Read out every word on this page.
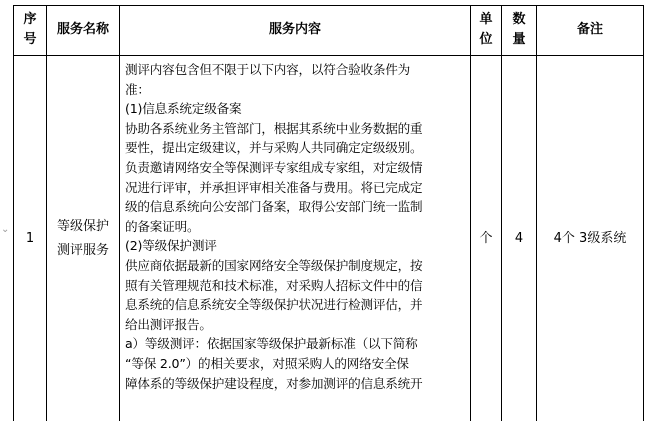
⌄
序号
服务名称	服务内容
单位
数量
备注
1
等级保护
测评服务
测评内容包含但不限于以下内容，以符合验收条件为
准：
(1)信息系统定级备案
协助各系统业务主管部门，根据其系统中业务数据的重
要性，提出定级建议，并与采购人共同确定定级级别。
负责邀请网络安全等保测评专家组成专家组，对定级情
况进行评审，并承担评审相关准备与费用。将已完成定
级的信息系统向公安部门备案，取得公安部门统一监制
的备案证明。
(2)等级保护测评
供应商依据最新的国家网络安全等级保护制度规定，按
照有关管理规范和技术标准，对采购人招标文件中的信
息系统的信息系统安全等级保护状况进行检测评估，并
给出测评报告。
a）等级测评：依据国家等级保护最新标准（以下简称
“等保 2.0”）的相关要求，对照采购人的网络安全保
障体系的等级保护建设程度，对参加测评的信息系统开
个 4 4个 3级系统
